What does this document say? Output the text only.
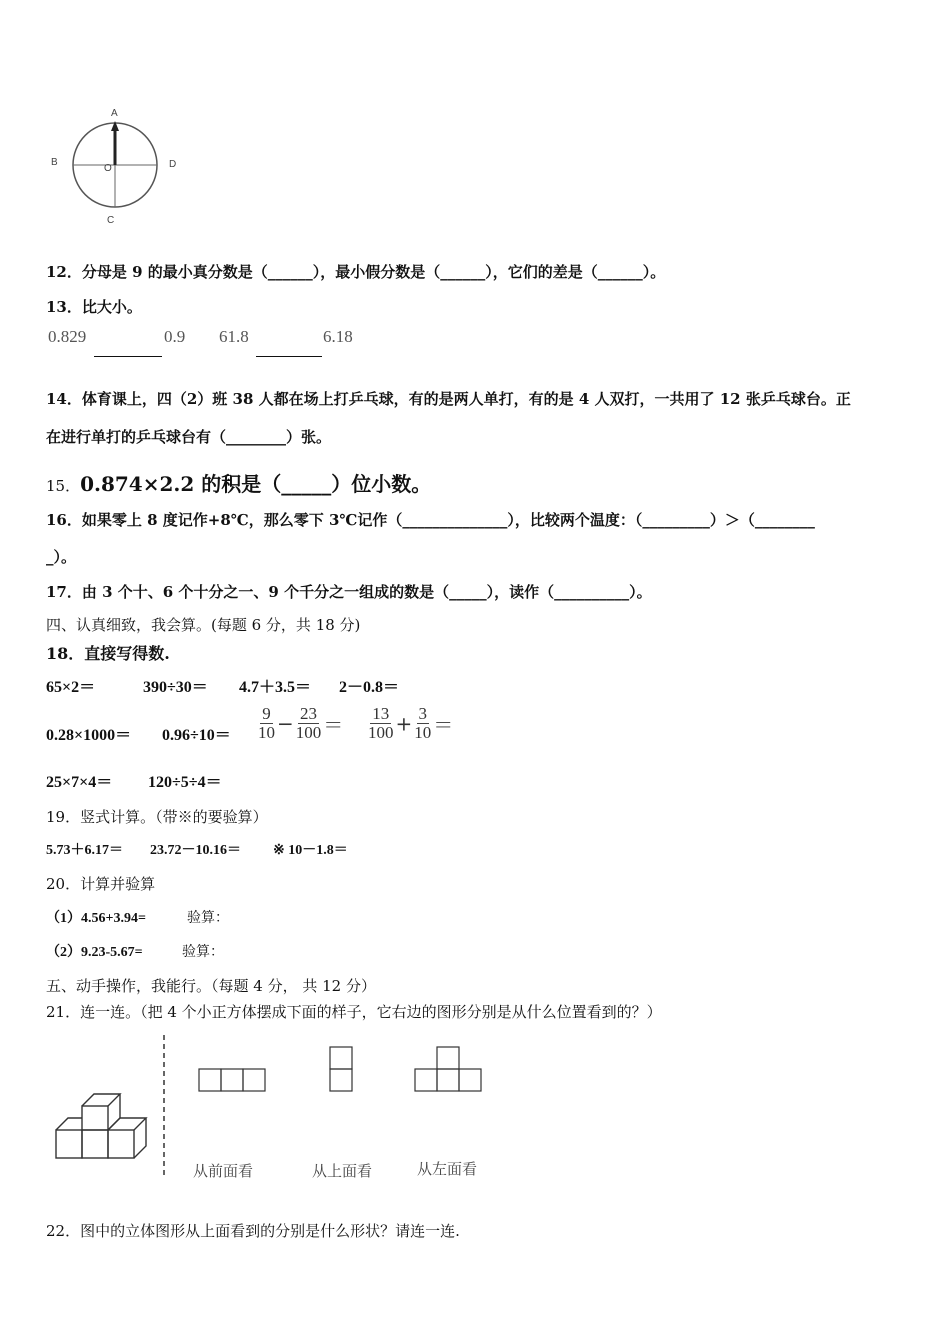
A
B
C
D
O
12．分母是 9 的最小真分数是（______），最小假分数是（______），它们的差是（______）。
13．比大小。
0.829	0.9 61.8	6.18
14．体育课上，四（2）班 38 人都在场上打乒乓球，有的是两人单打，有的是 4 人双打，一共用了 12 张乒乓球台。正
在进行单打的乒乓球台有（________）张。
15．0.874×2.2 的积是（_____）位小数。
16．如果零上 8 度记作+8℃，那么零下 3℃记作（______________），比较两个温度：（_________）＞（________
_）。
17．由 3 个十、6 个十分之一、9 个千分之一组成的数是（_____），读作（__________）。
四、认真细致，我会算。(每题 6 分，共 18 分)
18．直接写得数.
65×2＝	390÷30＝ 4.7＋3.5＝ 2－0.8＝
$0.28\times 1000= 0.96\div 10= \frac{9}{10} - \frac{23}{100} = \frac{13}{100} + \frac{3}{10}$ ＝
25×7×4＝ 120÷5÷4＝
19．竖式计算。（带※的要验算）
5.73＋6.17＝ 23.72－10.16＝ ※ 10－1.8＝
20．计算并验算
（1）4.56+3.94=	验算：
（2）9.23-5.67=	验算：
五、动手操作，我能行。（每题 4 分， 共 12 分）
21．连一连。（把 4 个小正方体摆成下面的样子，它右边的图形分别是从什么位置看到的？）
从前面看	从上面看	从左面看
22．图中的立体图形从上面看到的分别是什么形状？请连一连.
